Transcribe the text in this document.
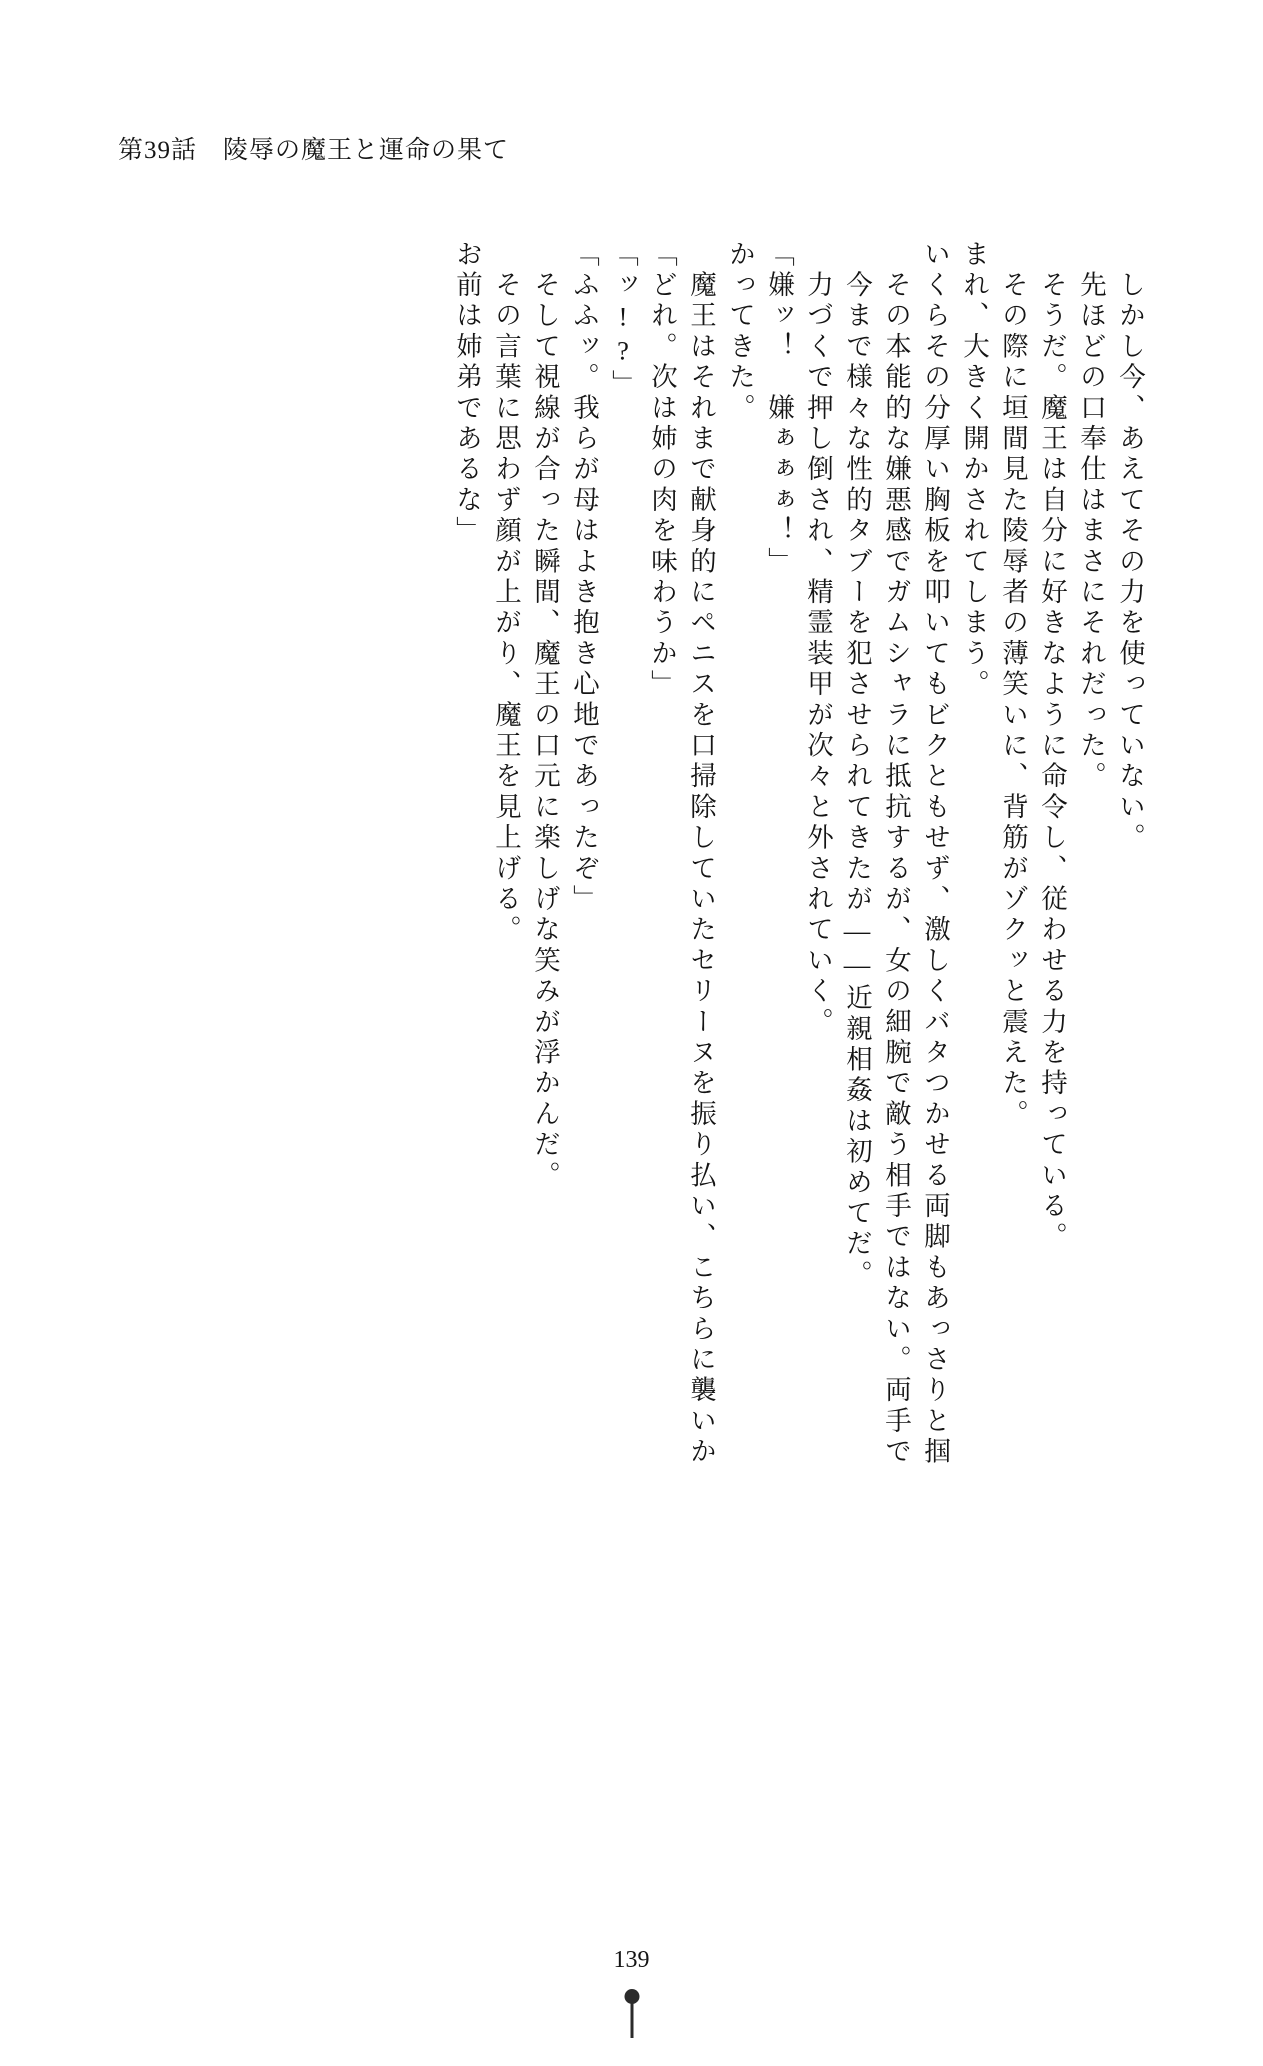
第39話　陵辱の魔王と運命の果て
お前は姉弟であるな」 　その言葉に思わず顔が上がり、魔王を見上げる。 　そして視線が合った瞬間、魔王の口元に楽しげな笑みが浮かんだ。 「ふふッ。我らが母はよき抱き心地であったぞ」 「ッ!?」 「どれ。次は姉の肉を味わうか」 　魔王はそれまで献身的にペニスを口掃除していたセリーヌを振り払い、こちらに襲いか かってきた。 「嫌ッ！　嫌ぁぁぁ！」 　力づくで押し倒され、精霊装甲が次々と外されていく。 　今まで様々な性的タブーを犯させられてきたが――近親相姦は初めてだ。 　その本能的な嫌悪感でガムシャラに抵抗するが、女の細腕で敵う相手ではない。両手で いくらその分厚い胸板を叩いてもビクともせず、激しくバタつかせる両脚もあっさりと掴 まれ、大きく開かされてしまう。 　その際に垣間見た陵辱者の薄笑いに、背筋がゾクッと震えた。 　そうだ。魔王は自分に好きなように命令し、従わせる力を持っている。 　先ほどの口奉仕はまさにそれだった。 　しかし今、あえてその力を使っていない。
139
